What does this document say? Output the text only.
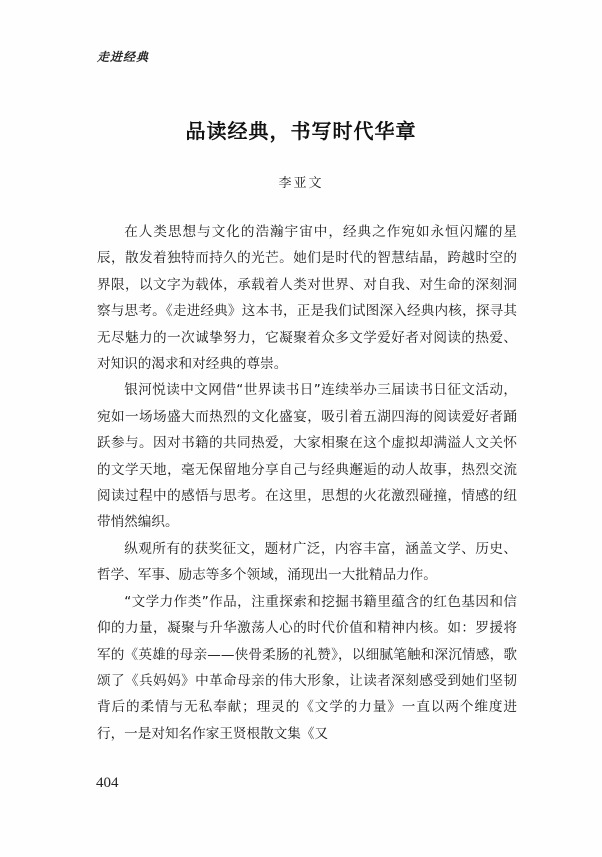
走进经典
品读经典，书写时代华章
李亚文

在人类思想与文化的浩瀚宇宙中，经典之作宛如永恒闪耀的星辰，散发着独特而持久的光芒。她们是时代的智慧结晶，跨越时空的界限，以文字为载体，承载着人类对世界、对自我、对生命的深刻洞察与思考。《走进经典》这本书，正是我们试图深入经典内核，探寻其无尽魅力的一次诚挚努力，它凝聚着众多文学爱好者对阅读的热爱、对知识的渴求和对经典的尊崇。

银河悦读中文网借“世界读书日”连续举办三届读书日征文活动，宛如一场场盛大而热烈的文化盛宴，吸引着五湖四海的阅读爱好者踊跃参与。因对书籍的共同热爱，大家相聚在这个虚拟却满溢人文关怀的文学天地，毫无保留地分享自己与经典邂逅的动人故事，热烈交流阅读过程中的感悟与思考。在这里，思想的火花激烈碰撞，情感的纽带悄然编织。

纵观所有的获奖征文，题材广泛，内容丰富，涵盖文学、历史、哲学、军事、励志等多个领域，涌现出一大批精品力作。

“文学力作类”作品，注重探索和挖掘书籍里蕴含的红色基因和信仰的力量，凝聚与升华激荡人心的时代价值和精神内核。如：罗援将军的《英雄的母亲——侠骨柔肠的礼赞》，以细腻笔触和深沉情感，歌颂了《兵妈妈》中革命母亲的伟大形象，让读者深刻感受到她们坚韧背后的柔情与无私奉献；理灵的《文学的力量》一直以两个维度进行，一是对知名作家王贤根散文集《又

404
